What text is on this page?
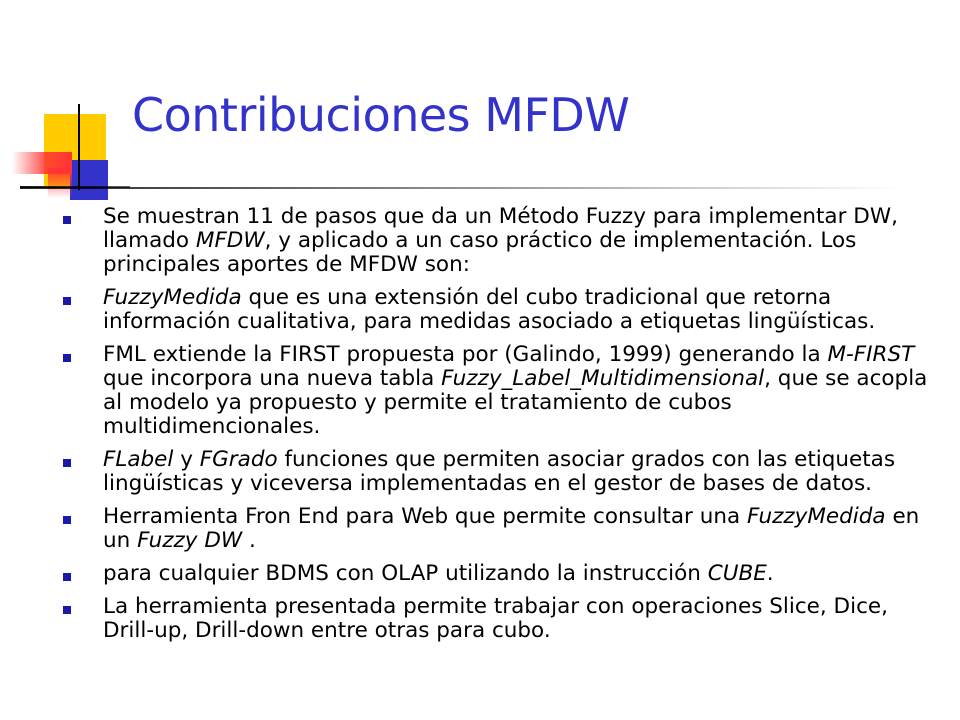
Contribuciones MFDW
Se muestran 11 de pasos que da un Método Fuzzy para implementar DW, llamado MFDW, y aplicado a un caso práctico de implementación. Los principales aportes de MFDW son:
FuzzyMedida que es una extensión del cubo tradicional que retorna información cualitativa, para medidas asociado a etiquetas lingüísticas.
FML extiende la FIRST propuesta por (Galindo, 1999) generando la M-FIRST que incorpora una nueva tabla Fuzzy_Label_Multidimensional, que se acopla al modelo ya propuesto y permite el tratamiento de cubos multidimencionales.
FLabel y FGrado funciones que permiten asociar grados con las etiquetas lingüísticas y viceversa implementadas en el gestor de bases de datos.
Herramienta Fron End para Web que permite consultar una FuzzyMedida en un Fuzzy DW .
para cualquier BDMS con OLAP utilizando la instrucción CUBE.
La herramienta presentada permite trabajar con operaciones Slice, Dice, Drill-up, Drill-down entre otras para cubo.
